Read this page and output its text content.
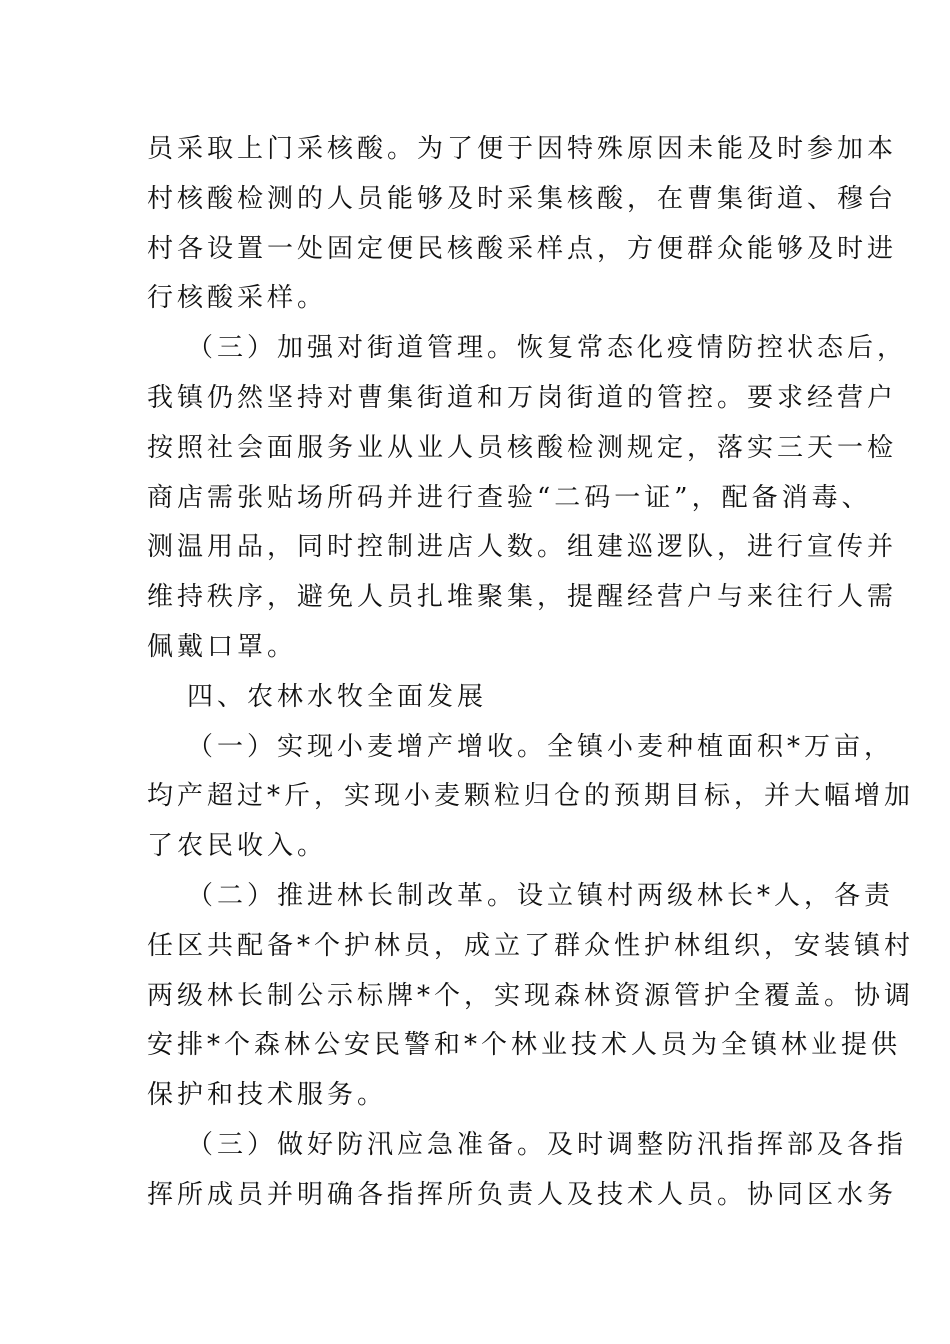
员采取上门采核酸。为了便于因特殊原因未能及时参加本
村核酸检测的人员能够及时采集核酸，在曹集街道、穆台
村各设置一处固定便民核酸采样点，方便群众能够及时进
行核酸采样。
（三）加强对街道管理。恢复常态化疫情防控状态后，
我镇仍然坚持对曹集街道和万岗街道的管控。要求经营户
按照社会面服务业从业人员核酸检测规定，落实三天一检
商店需张贴场所码并进行查验“二码一证”，配备消毒、
测温用品，同时控制进店人数。组建巡逻队，进行宣传并
维持秩序，避免人员扎堆聚集，提醒经营户与来往行人需
佩戴口罩。
四、农林水牧全面发展
（一）实现小麦增产增收。全镇小麦种植面积*万亩，
均产超过*斤，实现小麦颗粒归仓的预期目标，并大幅增加
了农民收入。
（二）推进林长制改革。设立镇村两级林长*人，各责
任区共配备*个护林员，成立了群众性护林组织，安装镇村
两级林长制公示标牌*个，实现森林资源管护全覆盖。协调
安排*个森林公安民警和*个林业技术人员为全镇林业提供
保护和技术服务。
（三）做好防汛应急准备。及时调整防汛指挥部及各指
挥所成员并明确各指挥所负责人及技术人员。协同区水务
